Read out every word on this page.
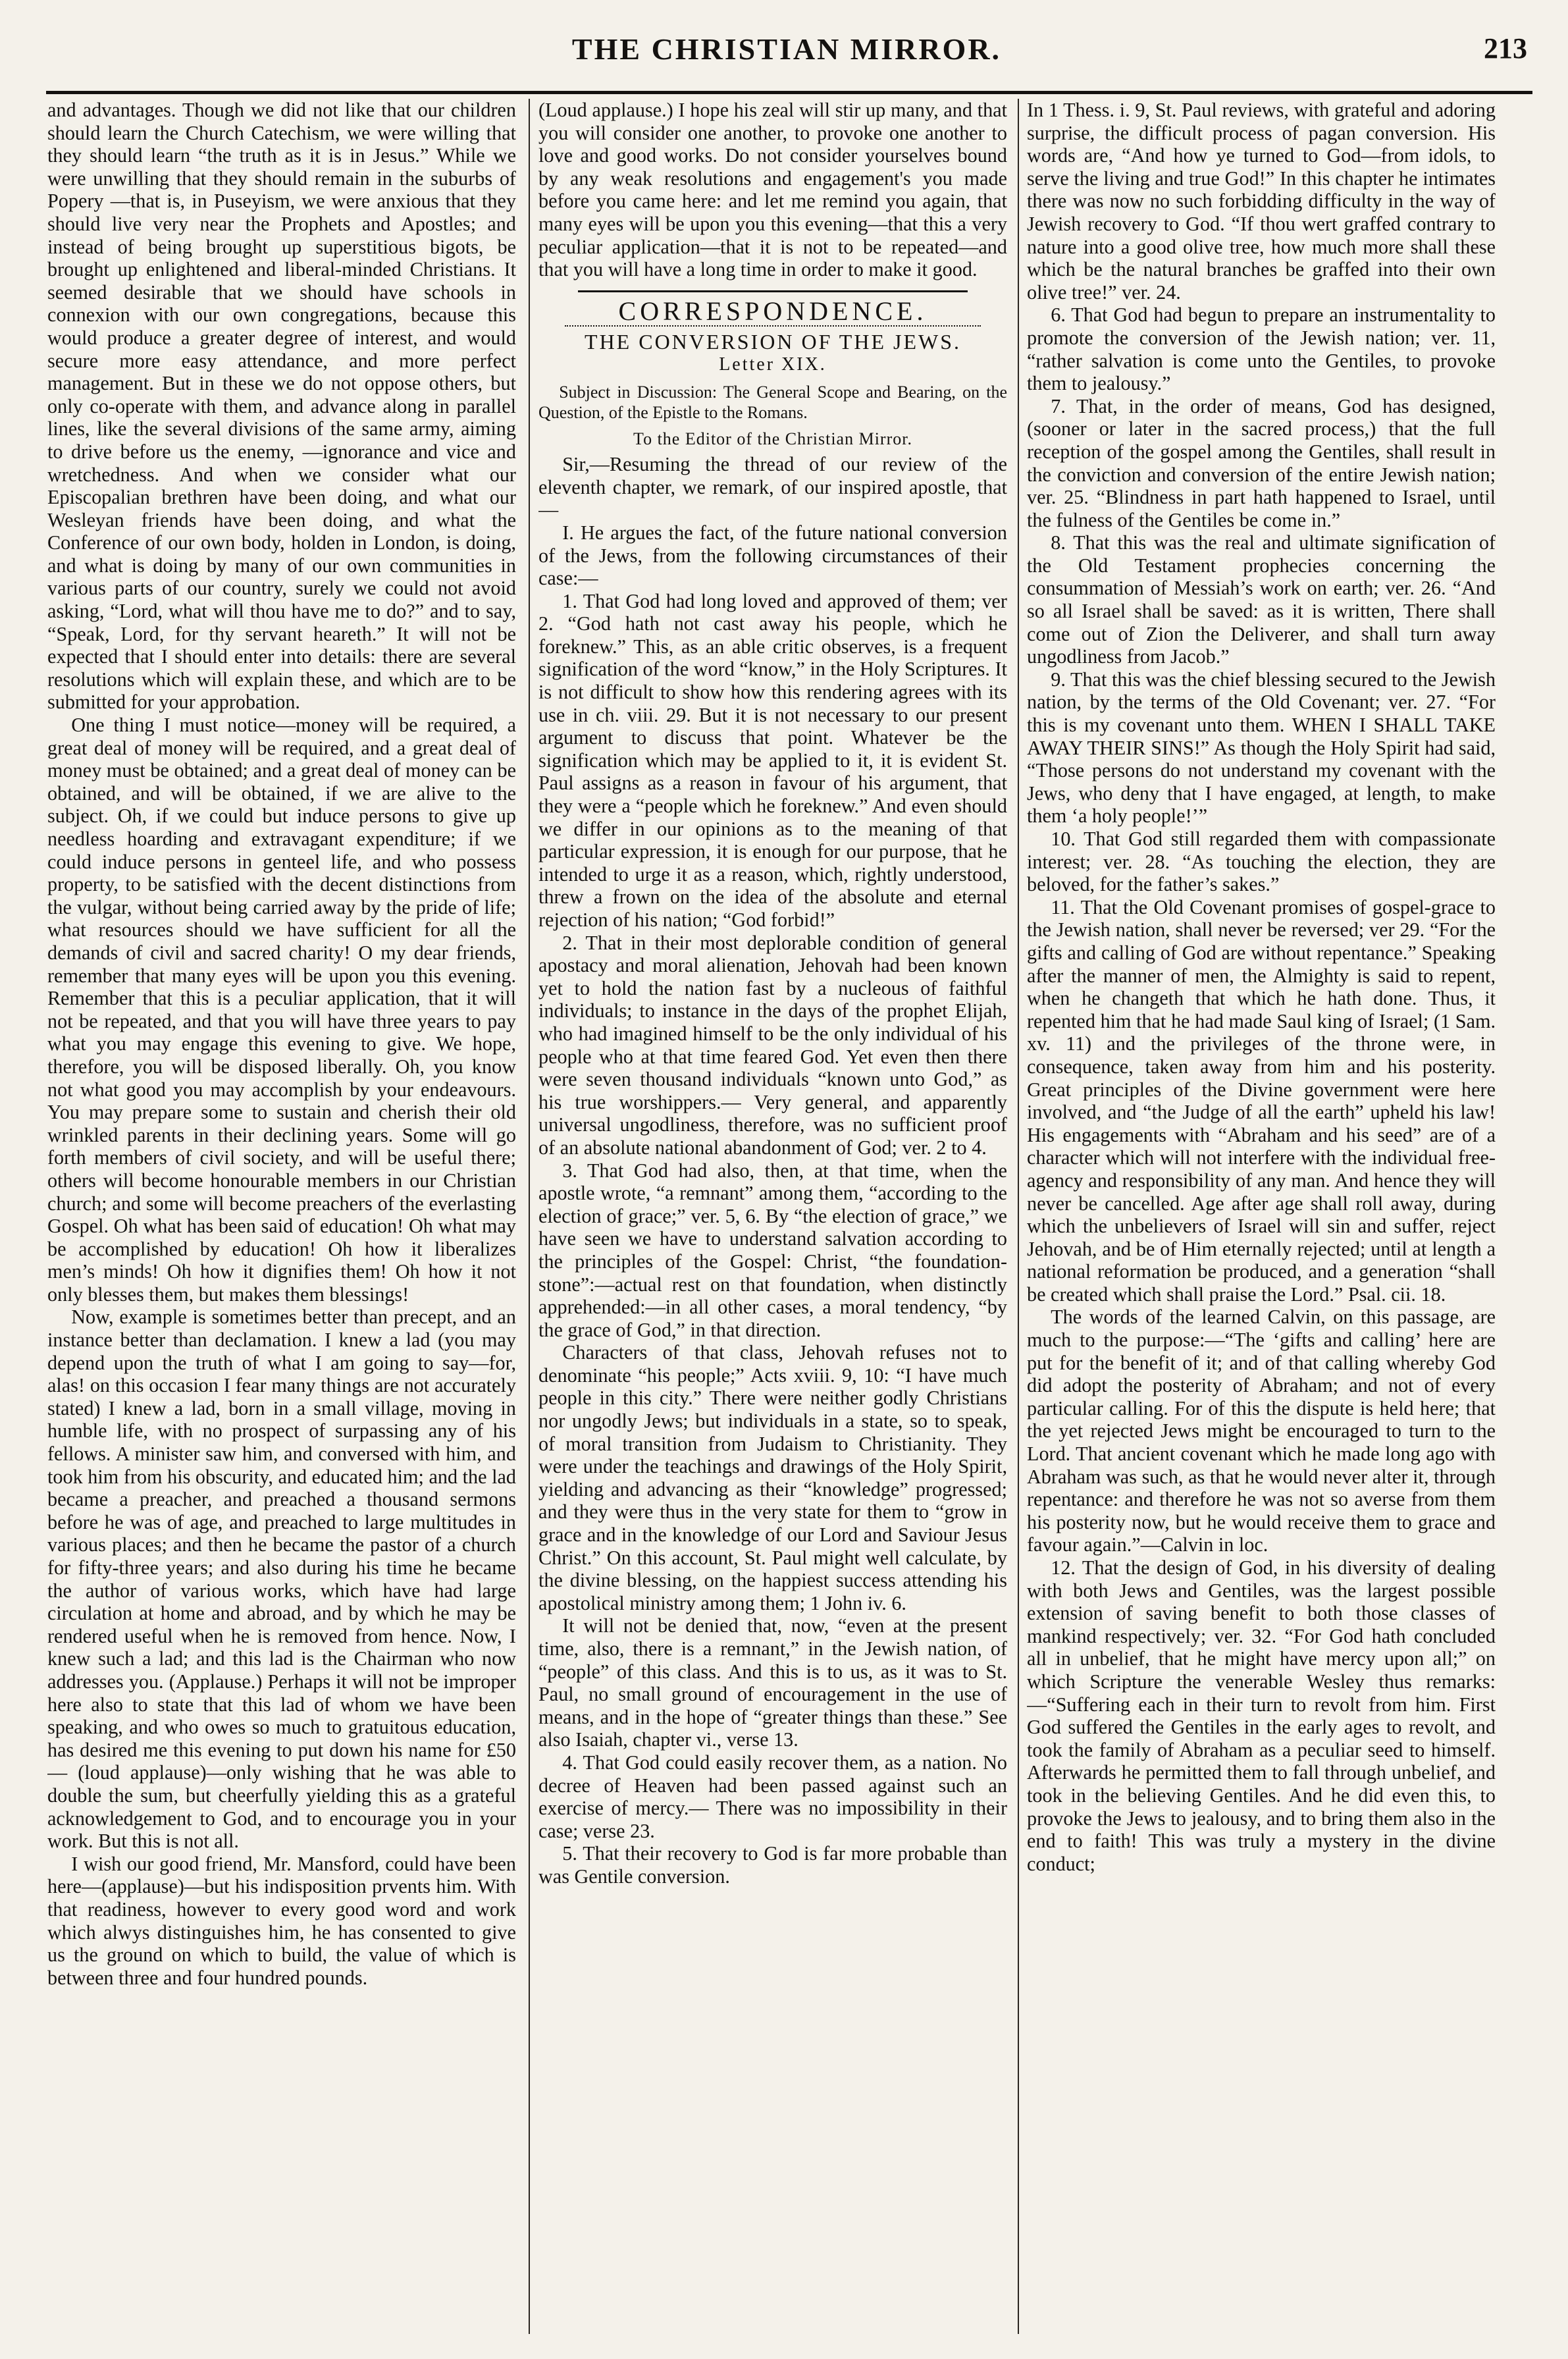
THE CHRISTIAN MIRROR.	213

and advantages. Though we did not like that our children should learn the Church Catechism, we were willing that they should learn “the truth as it is in Jesus.” While we were unwilling that they should remain in the suburbs of Popery —that is, in Puseyism, we were anxious that they should live very near the Prophets and Apostles; and instead of being brought up superstitious bigots, be brought up enlightened and liberal-minded Christians. It seemed desirable that we should have schools in connexion with our own congregations, because this would produce a greater degree of interest, and would secure more easy attendance, and more perfect management. But in these we do not oppose others, but only co-operate with them, and advance along in parallel lines, like the several divisions of the same army, aiming to drive before us the enemy, —ignorance and vice and wretchedness. And when we consider what our Episcopalian brethren have been doing, and what our Wesleyan friends have been doing, and what the Conference of our own body, holden in London, is doing, and what is doing by many of our own communities in various parts of our country, surely we could not avoid asking, “Lord, what will thou have me to do?” and to say, “Speak, Lord, for thy servant heareth.” It will not be expected that I should enter into details: there are several resolutions which will explain these, and which are to be submitted for your approbation.

One thing I must notice—money will be required, a great deal of money will be required, and a great deal of money must be obtained; and a great deal of money can be obtained, and will be obtained, if we are alive to the subject. Oh, if we could but induce persons to give up needless hoarding and extravagant expenditure; if we could induce persons in genteel life, and who possess property, to be satisfied with the decent distinctions from the vulgar, without being carried away by the pride of life; what resources should we have sufficient for all the demands of civil and sacred charity! O my dear friends, remember that many eyes will be upon you this evening. Remember that this is a peculiar application, that it will not be repeated, and that you will have three years to pay what you may engage this evening to give. We hope, therefore, you will be disposed liberally. Oh, you know not what good you may accomplish by your endeavours. You may prepare some to sustain and cherish their old wrinkled parents in their declining years. Some will go forth members of civil society, and will be useful there; others will become honourable members in our Christian church; and some will become preachers of the everlasting Gospel. Oh what has been said of education! Oh what may be accomplished by education! Oh how it liberalizes men’s minds! Oh how it dignifies them! Oh how it not only blesses them, but makes them blessings!

Now, example is sometimes better than precept, and an instance better than declamation. I knew a lad (you may depend upon the truth of what I am going to say—for, alas! on this occasion I fear many things are not accurately stated) I knew a lad, born in a small village, moving in humble life, with no prospect of surpassing any of his fellows. A minister saw him, and conversed with him, and took him from his obscurity, and educated him; and the lad became a preacher, and preached a thousand sermons before he was of age, and preached to large multitudes in various places; and then he became the pastor of a church for fifty-three years; and also during his time he became the author of various works, which have had large circulation at home and abroad, and by which he may be rendered useful when he is removed from hence. Now, I knew such a lad; and this lad is the Chairman who now addresses you. (Applause.) Perhaps it will not be improper here also to state that this lad of whom we have been speaking, and who owes so much to gratuitous education, has desired me this evening to put down his name for £50— (loud applause)—only wishing that he was able to double the sum, but cheerfully yielding this as a grateful acknowledgement to God, and to encourage you in your work. But this is not all.

I wish our good friend, Mr. Mansford, could have been here—(applause)—but his indisposition prvents him. With that readiness, however to every good word and work which alwys distinguishes him, he has consented to give us the ground on which to build, the value of which is between three and four hundred pounds.

(Loud applause.) I hope his zeal will stir up many, and that you will consider one another, to provoke one another to love and good works. Do not consider yourselves bound by any weak resolutions and engagement's you made before you came here: and let me remind you again, that many eyes will be upon you this evening—that this a very peculiar application—that it is not to be repeated—and that you will have a long time in order to make it good.

CORRESPONDENCE.
THE CONVERSION OF THE JEWS.
Letter XIX.

Subject in Discussion: The General Scope and Bearing, on the Question, of the Epistle to the Romans.

To the Editor of the Christian Mirror.

Sir,—Resuming the thread of our review of the eleventh chapter, we remark, of our inspired apostle, that—

I. He argues the fact, of the future national conversion of the Jews, from the following circumstances of their case:—

1. That God had long loved and approved of them; ver 2. “God hath not cast away his people, which he foreknew.” This, as an able critic observes, is a frequent signification of the word “know,” in the Holy Scriptures. It is not difficult to show how this rendering agrees with its use in ch. viii. 29. But it is not necessary to our present argument to discuss that point. Whatever be the signification which may be applied to it, it is evident St. Paul assigns as a reason in favour of his argument, that they were a “people which he foreknew.” And even should we differ in our opinions as to the meaning of that particular expression, it is enough for our purpose, that he intended to urge it as a reason, which, rightly understood, threw a frown on the idea of the absolute and eternal rejection of his nation; “God forbid!”

2. That in their most deplorable condition of general apostacy and moral alienation, Jehovah had been known yet to hold the nation fast by a nucleous of faithful individuals; to instance in the days of the prophet Elijah, who had imagined himself to be the only individual of his people who at that time feared God. Yet even then there were seven thousand individuals “known unto God,” as his true worshippers.— Very general, and apparently universal ungodliness, therefore, was no sufficient proof of an absolute national abandonment of God; ver. 2 to 4.

3. That God had also, then, at that time, when the apostle wrote, “a remnant” among them, “according to the election of grace;” ver. 5, 6. By “the election of grace,” we have seen we have to understand salvation according to the principles of the Gospel: Christ, “the foundation-stone”:—actual rest on that foundation, when distinctly apprehended:—in all other cases, a moral tendency, “by the grace of God,” in that direction.

Characters of that class, Jehovah refuses not to denominate “his people;” Acts xviii. 9, 10: “I have much people in this city.” There were neither godly Christians nor ungodly Jews; but individuals in a state, so to speak, of moral transition from Judaism to Christianity. They were under the teachings and drawings of the Holy Spirit, yielding and advancing as their “knowledge” progressed; and they were thus in the very state for them to “grow in grace and in the knowledge of our Lord and Saviour Jesus Christ.” On this account, St. Paul might well calculate, by the divine blessing, on the happiest success attending his apostolical ministry among them; 1 John iv. 6.

It will not be denied that, now, “even at the present time, also, there is a remnant,” in the Jewish nation, of “people” of this class. And this is to us, as it was to St. Paul, no small ground of encouragement in the use of means, and in the hope of “greater things than these.” See also Isaiah, chapter vi., verse 13.

4. That God could easily recover them, as a nation. No decree of Heaven had been passed against such an exercise of mercy.— There was no impossibility in their case; verse 23.

5. That their recovery to God is far more probable than was Gentile conversion.

In 1 Thess. i. 9, St. Paul reviews, with grateful and adoring surprise, the difficult process of pagan conversion. His words are, “And how ye turned to God—from idols, to serve the living and true God!” In this chapter he intimates there was now no such forbidding difficulty in the way of Jewish recovery to God. “If thou wert graffed contrary to nature into a good olive tree, how much more shall these which be the natural branches be graffed into their own olive tree!” ver. 24.

6. That God had begun to prepare an instrumentality to promote the conversion of the Jewish nation; ver. 11, “rather salvation is come unto the Gentiles, to provoke them to jealousy.”

7. That, in the order of means, God has designed, (sooner or later in the sacred process,) that the full reception of the gospel among the Gentiles, shall result in the conviction and conversion of the entire Jewish nation; ver. 25. “Blindness in part hath happened to Israel, until the fulness of the Gentiles be come in.”

8. That this was the real and ultimate signification of the Old Testament prophecies concerning the consummation of Messiah’s work on earth; ver. 26. “And so all Israel shall be saved: as it is written, There shall come out of Zion the Deliverer, and shall turn away ungodliness from Jacob.”

9. That this was the chief blessing secured to the Jewish nation, by the terms of the Old Covenant; ver. 27. “For this is my covenant unto them. WHEN I SHALL TAKE AWAY THEIR SINS!” As though the Holy Spirit had said, “Those persons do not understand my covenant with the Jews, who deny that I have engaged, at length, to make them ‘a holy people!’”

10. That God still regarded them with compassionate interest; ver. 28. “As touching the election, they are beloved, for the father’s sakes.”

11. That the Old Covenant promises of gospel-grace to the Jewish nation, shall never be reversed; ver 29. “For the gifts and calling of God are without repentance.” Speaking after the manner of men, the Almighty is said to repent, when he changeth that which he hath done. Thus, it repented him that he had made Saul king of Israel; (1 Sam. xv. 11) and the privileges of the throne were, in consequence, taken away from him and his posterity. Great principles of the Divine government were here involved, and “the Judge of all the earth” upheld his law! His engagements with “Abraham and his seed” are of a character which will not interfere with the individual free-agency and responsibility of any man. And hence they will never be cancelled. Age after age shall roll away, during which the unbelievers of Israel will sin and suffer, reject Jehovah, and be of Him eternally rejected; until at length a national reformation be produced, and a generation “shall be created which shall praise the Lord.” Psal. cii. 18.

The words of the learned Calvin, on this passage, are much to the purpose:—“The ‘gifts and calling’ here are put for the benefit of it; and of that calling whereby God did adopt the posterity of Abraham; and not of every particular calling. For of this the dispute is held here; that the yet rejected Jews might be encouraged to turn to the Lord. That ancient covenant which he made long ago with Abraham was such, as that he would never alter it, through repentance: and therefore he was not so averse from them his posterity now, but he would receive them to grace and favour again.”—Calvin in loc.

12. That the design of God, in his diversity of dealing with both Jews and Gentiles, was the largest possible extension of saving benefit to both those classes of mankind respectively; ver. 32. “For God hath concluded all in unbelief, that he might have mercy upon all;” on which Scripture the venerable Wesley thus remarks:—“Suffering each in their turn to revolt from him. First God suffered the Gentiles in the early ages to revolt, and took the family of Abraham as a peculiar seed to himself. Afterwards he permitted them to fall through unbelief, and took in the believing Gentiles. And he did even this, to provoke the Jews to jealousy, and to bring them also in the end to faith! This was truly a mystery in the divine conduct;
